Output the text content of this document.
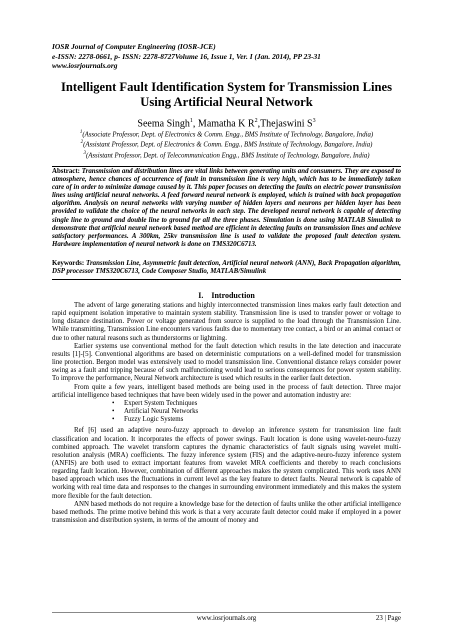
IOSR Journal of Computer Engineering (IOSR-JCE)
e-ISSN: 2278-0661, p- ISSN: 2278-8727Volume 16, Issue 1, Ver. I (Jan. 2014), PP 23-31
www.iosrjournals.org
Intelligent Fault Identification System for Transmission Lines
Using Artificial Neural Network
Seema Singh$^1$, Mamatha K $R^2,Thejaswini$ $S^3$
$^1$(Associate Professor, Dept. of Electronics & Comm. Engg., BMS Institute of Technology, Bangalore, India)
$^2$(Assistant Professor, Dept. of Electronics & Comm. Engg., BMS Institute of Technology, Bangalore, India)
$^3$(Assistant Professor, Dept. of Telecommunication Engg., BMS Institute of Technology, Bangalore, India)
Abstract: Transmission and distribution lines are vital links between generating units and consumers. They are exposed to atmosphere, hence chances of occurrence of fault in transmission line is very high, which has to be immediately taken care of in order to minimize damage caused by it. This paper focuses on detecting the faults on electric power transmission lines using artificial neural networks. A feed forward neural network is employed, which is trained with back propagation algorithm. Analysis on neural networks with varying number of hidden layers and neurons per hidden layer has been provided to validate the choice of the neural networks in each step. The developed neural network is capable of detecting single line to ground and double line to ground for all the three phases. Simulation is done using MATLAB Simulink to demonstrate that artificial neural network based method are efficient in detecting faults on transmission lines and achieve satisfactory performances. A 300km, 25kv transmission line is used to validate the proposed fault detection system. Hardware implementation of neural network is done on TMS320C6713.
Keywords: Transmission Line, Asymmetric fault detection, Artificial neural network (ANN), Back Propagation algorithm, DSP processor TMS320C6713, Code Composer Studio, MATLAB/Simulink
I.    Introduction

The advent of large generating stations and highly interconnected transmission lines makes early fault detection and rapid equipment isolation imperative to maintain system stability. Transmission line is used to transfer power or voltage to long distance destination. Power or voltage generated from source is supplied to the load through the Transmission Line. While transmitting, Transmission Line encounters various faults due to momentary tree contact, a bird or an animal contact or due to other natural reasons such as thunderstorms or lightning.

Earlier systems use conventional method for the fault detection which results in the late detection and inaccurate results [1]-[5]. Conventional algorithms are based on deterministic computations on a well-defined model for transmission line protection. Bergon model was extensively used to model transmission line. Conventional distance relays consider power swing as a fault and tripping because of such malfunctioning would lead to serious consequences for power system stability. To improve the performance, Neural Network architecture is used which results in the earlier fault detection.

From quite a few years, intelligent based methods are being used in the process of fault detection. Three major artificial intelligence based techniques that have been widely used in the power and automation industry are:

• Expert System Techniques
• Artificial Neural Networks
• Fuzzy Logic Systems

Ref [6] used an adaptive neuro-fuzzy approach to develop an inference system for transmission line fault classification and location. It incorporates the effects of power swings. Fault location is done using wavelet-neuro-fuzzy combined approach. The wavelet transform captures the dynamic characteristics of fault signals using wavelet multi-resolution analysis (MRA) coefficients. The fuzzy inference system (FIS) and the adaptive-neuro-fuzzy inference system (ANFIS) are both used to extract important features from wavelet MRA coefficients and thereby to reach conclusions regarding fault location. However, combination of different approaches makes the system complicated. This work uses ANN based approach which uses the fluctuations in current level as the key feature to detect faults. Neural network is capable of working with real time data and responses to the changes in surrounding environment immediately and this makes the system more flexible for the fault detection.

ANN based methods do not require a knowledge base for the detection of faults unlike the other artificial intelligence based methods. The prime motive behind this work is that a very accurate fault detector could make if employed in a power transmission and distribution system, in terms of the amount of money and

www.iosrjournals.org	23 | Page
